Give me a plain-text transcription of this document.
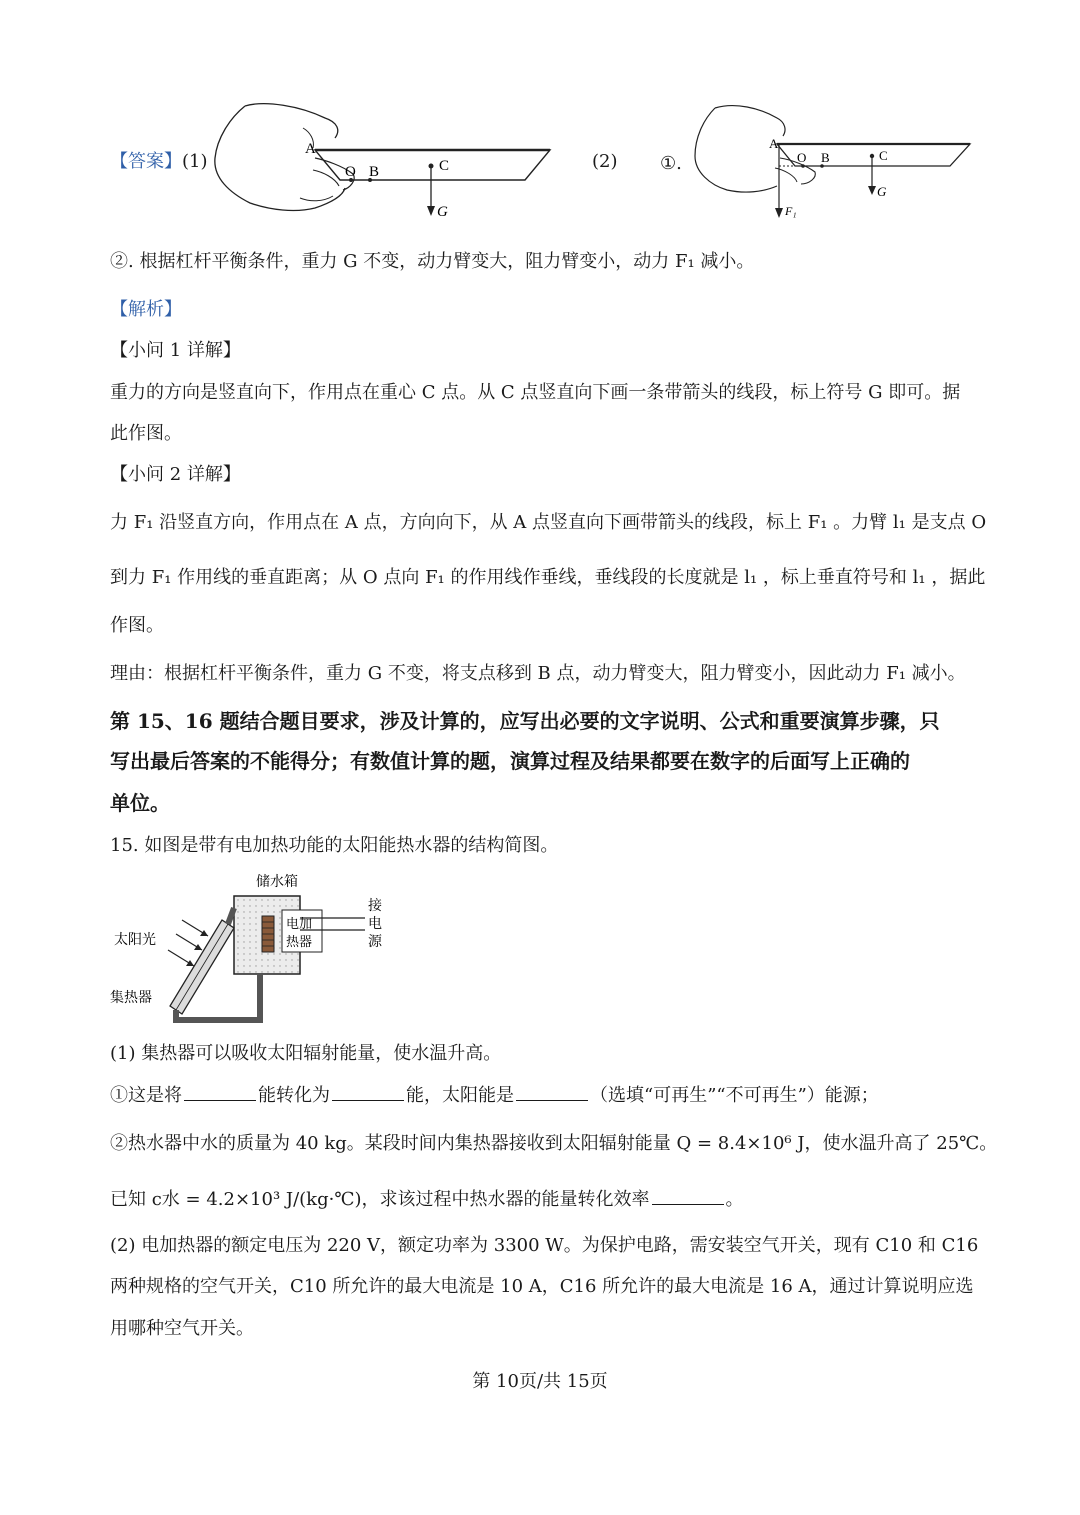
【答案】(1)
A
O B	C
G
(2) ①.
A
O B	C
G
F₁
②. 根据杠杆平衡条件，重力 G 不变，动力臂变大，阻力臂变小，动力 F₁ 减小。
【解析】
【小问 1 详解】
重力的方向是竖直向下，作用点在重心 C 点。从 C 点竖直向下画一条带箭头的线段，标上符号 G 即可。据
此作图。
【小问 2 详解】
力 F₁ 沿竖直方向，作用点在 A 点，方向向下，从 A 点竖直向下画带箭头的线段，标上 F₁ 。力臂 l₁ 是支点 O
到力 F₁ 作用线的垂直距离；从 O 点向 F₁ 的作用线作垂线，垂线段的长度就是 l₁ ，标上垂直符号和 l₁ ，据此
作图。
理由：根据杠杆平衡条件，重力 G 不变，将支点移到 B 点，动力臂变大，阻力臂变小，因此动力 F₁ 减小。
第 15、16 题结合题目要求，涉及计算的，应写出必要的文字说明、公式和重要演算步骤，只
写出最后答案的不能得分；有数值计算的题，演算过程及结果都要在数字的后面写上正确的
单位。
15. 如图是带有电加热功能的太阳能热水器的结构简图。
储水箱
电加
热器
接
电
源
太阳光
集热器
(1) 集热器可以吸收太阳辐射能量，使水温升高。
①这是将	能转化为	能，太阳能是	（选填“可再生”“不可再生”）能源；
②热水器中水的质量为 40 kg。某段时间内集热器接收到太阳辐射能量 Q = 8.4×10⁶ J，使水温升高了 25℃。
已知 c水 = 4.2×10³ J/(kg·℃)，求该过程中热水器的能量转化效率	。
(2) 电加热器的额定电压为 220 V，额定功率为 3300 W。为保护电路，需安装空气开关，现有 C10 和 C16
两种规格的空气开关，C10 所允许的最大电流是 10 A，C16 所允许的最大电流是 16 A，通过计算说明应选
用哪种空气开关。
第 10页/共 15页
